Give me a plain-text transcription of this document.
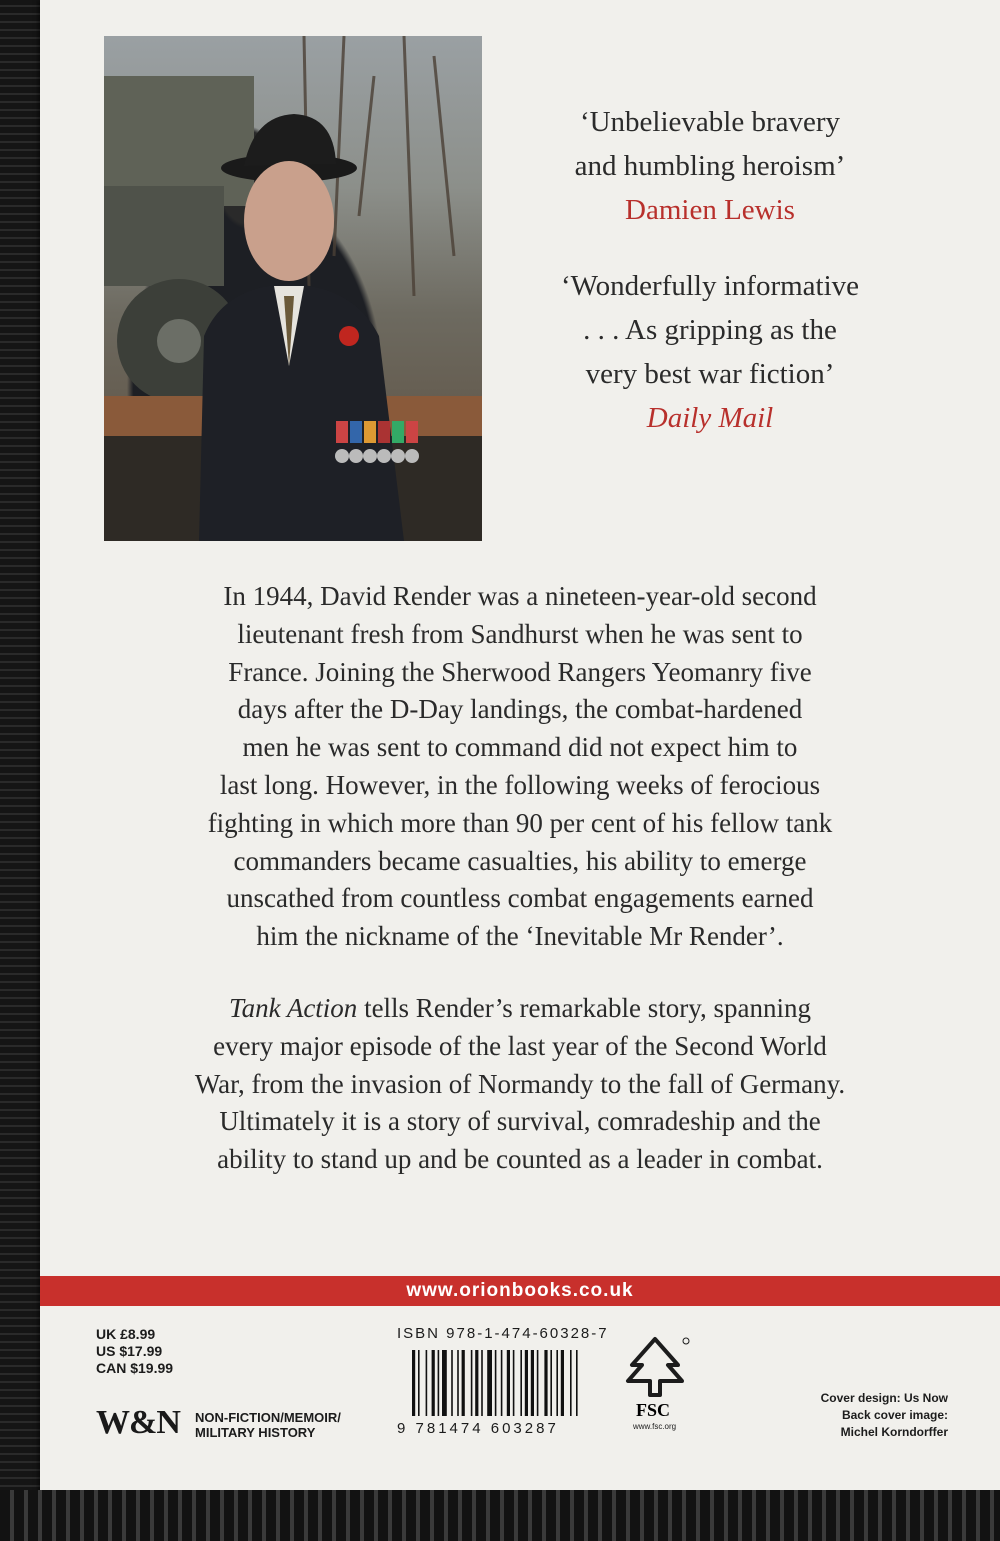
‘Unbelievable bravery
and humbling heroism’
Damien Lewis
‘Wonderfully informative
. . . As gripping as the
very best war fiction’
Daily Mail

In 1944, David Render was a nineteen-year-old second
lieutenant fresh from Sandhurst when he was sent to
France. Joining the Sherwood Rangers Yeomanry five
days after the D-Day landings, the combat-hardened
men he was sent to command did not expect him to
last long. However, in the following weeks of ferocious
fighting in which more than 90 per cent of his fellow tank
commanders became casualties, his ability to emerge
unscathed from countless combat engagements earned
him the nickname of the ‘Inevitable Mr Render’.

Tank Action tells Render’s remarkable story, spanning
every major episode of the last year of the Second World
War, from the invasion of Normandy to the fall of Germany.
Ultimately it is a story of survival, comradeship and the
ability to stand up and be counted as a leader in combat.

www.orionbooks.co.uk
UK £8.99
US $17.99
CAN $19.99
W&N NON-FICTION/MEMOIR/
MILITARY HISTORY
ISBN 978-1-474-60328-7
9 781474 603287
FSC
www.fsc.org
Cover design: Us Now
Back cover image:
Michel Korndorffer
